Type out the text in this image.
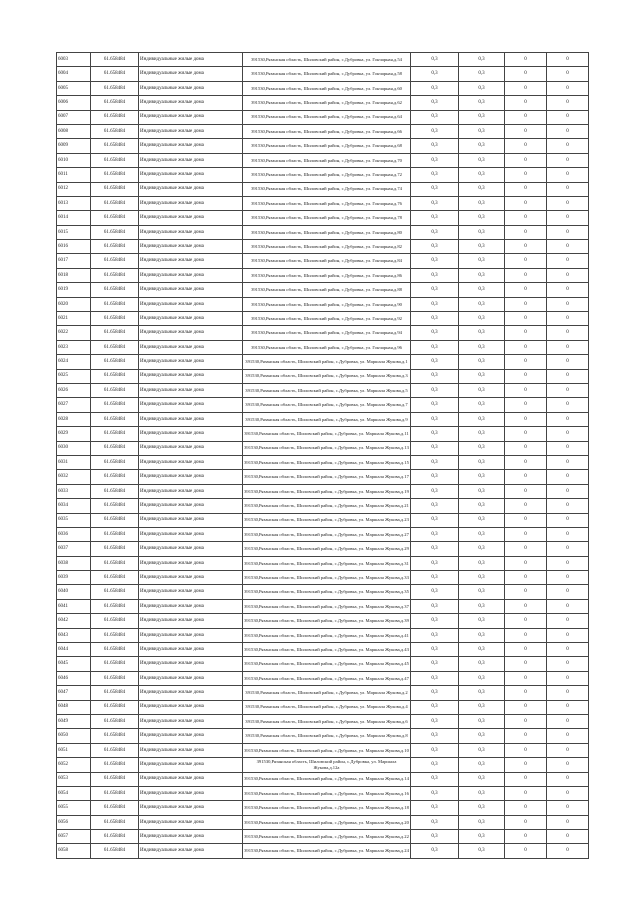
6003	61.658484	Индивидуальные жилые дома	391530,Рязанская область, Шиловский район, с.Дубровка, ул. Гончарная,д.54	0,3	0,3	0	0
6004	61.658484	Индивидуальные жилые дома	391530,Рязанская область, Шиловский район, с.Дубровка, ул. Гончарная,д.58	0,3	0,3	0	0
6005	61.658484	Индивидуальные жилые дома	391530,Рязанская область, Шиловский район, с.Дубровка, ул. Гончарная,д.60	0,3	0,3	0	0
6006	61.658484	Индивидуальные жилые дома	391530,Рязанская область, Шиловский район, с.Дубровка, ул. Гончарная,д.62	0,3	0,3	0	0
6007	61.658484	Индивидуальные жилые дома	391530,Рязанская область, Шиловский район, с.Дубровка, ул. Гончарная,д.64	0,3	0,3	0	0
6008	61.658484	Индивидуальные жилые дома	391530,Рязанская область, Шиловский район, с.Дубровка, ул. Гончарная,д.66	0,3	0,3	0	0
6009	61.658484	Индивидуальные жилые дома	391530,Рязанская область, Шиловский район, с.Дубровка, ул. Гончарная,д.68	0,3	0,3	0	0
6010	61.658484	Индивидуальные жилые дома	391530,Рязанская область, Шиловский район, с.Дубровка, ул. Гончарная,д.70	0,3	0,3	0	0
6011	61.658484	Индивидуальные жилые дома	391530,Рязанская область, Шиловский район, с.Дубровка, ул. Гончарная,д.72	0,3	0,3	0	0
6012	61.658484	Индивидуальные жилые дома	391530,Рязанская область, Шиловский район, с.Дубровка, ул. Гончарная,д.74	0,3	0,3	0	0
6013	61.658484	Индивидуальные жилые дома	391530,Рязанская область, Шиловский район, с.Дубровка, ул. Гончарная,д.76	0,3	0,3	0	0
6014	61.658484	Индивидуальные жилые дома	391530,Рязанская область, Шиловский район, с.Дубровка, ул. Гончарная,д.78	0,3	0,3	0	0
6015	61.658484	Индивидуальные жилые дома	391530,Рязанская область, Шиловский район, с.Дубровка, ул. Гончарная,д.80	0,3	0,3	0	0
6016	61.658484	Индивидуальные жилые дома	391530,Рязанская область, Шиловский район, с.Дубровка, ул. Гончарная,д.82	0,3	0,3	0	0
6017	61.658484	Индивидуальные жилые дома	391530,Рязанская область, Шиловский район, с.Дубровка, ул. Гончарная,д.84	0,3	0,3	0	0
6018	61.658484	Индивидуальные жилые дома	391530,Рязанская область, Шиловский район, с.Дубровка, ул. Гончарная,д.86	0,3	0,3	0	0
6019	61.658484	Индивидуальные жилые дома	391530,Рязанская область, Шиловский район, с.Дубровка, ул. Гончарная,д.88	0,3	0,3	0	0
6020	61.658484	Индивидуальные жилые дома	391530,Рязанская область, Шиловский район, с.Дубровка, ул. Гончарная,д.90	0,3	0,3	0	0
6021	61.658484	Индивидуальные жилые дома	391530,Рязанская область, Шиловский район, с.Дубровка, ул. Гончарная,д.92	0,3	0,3	0	0
6022	61.658484	Индивидуальные жилые дома	391530,Рязанская область, Шиловский район, с.Дубровка, ул. Гончарная,д.94	0,3	0,3	0	0
6023	61.658484	Индивидуальные жилые дома	391530,Рязанская область, Шиловский район, с.Дубровка, ул. Гончарная,д.96	0,3	0,3	0	0
6024	61.658484	Индивидуальные жилые дома	391530,Рязанская область, Шиловский район, с.Дубровка, ул. Маршала Жукова,д.1	0,3	0,3	0	0
6025	61.658484	Индивидуальные жилые дома	391530,Рязанская область, Шиловский район, с.Дубровка, ул. Маршала Жукова,д.3	0,3	0,3	0	0
6026	61.658484	Индивидуальные жилые дома	391530,Рязанская область, Шиловский район, с.Дубровка, ул. Маршала Жукова,д.5	0,3	0,3	0	0
6027	61.658484	Индивидуальные жилые дома	391530,Рязанская область, Шиловский район, с.Дубровка, ул. Маршала Жукова,д.7	0,3	0,3	0	0
6028	61.658484	Индивидуальные жилые дома	391530,Рязанская область, Шиловский район, с.Дубровка, ул. Маршала Жукова,д.9	0,3	0,3	0	0
6029	61.658484	Индивидуальные жилые дома	391530,Рязанская область, Шиловский район, с.Дубровка, ул. Маршала Жукова,д.11	0,3	0,3	0	0
6030	61.658484	Индивидуальные жилые дома	391530,Рязанская область, Шиловский район, с.Дубровка, ул. Маршала Жукова,д.13	0,3	0,3	0	0
6031	61.658484	Индивидуальные жилые дома	391530,Рязанская область, Шиловский район, с.Дубровка, ул. Маршала Жукова,д.15	0,3	0,3	0	0
6032	61.658484	Индивидуальные жилые дома	391530,Рязанская область, Шиловский район, с.Дубровка, ул. Маршала Жукова,д.17	0,3	0,3	0	0
6033	61.658484	Индивидуальные жилые дома	391530,Рязанская область, Шиловский район, с.Дубровка, ул. Маршала Жукова,д.19	0,3	0,3	0	0
6034	61.658484	Индивидуальные жилые дома	391530,Рязанская область, Шиловский район, с.Дубровка, ул. Маршала Жукова,д.21	0,3	0,3	0	0
6035	61.658484	Индивидуальные жилые дома	391530,Рязанская область, Шиловский район, с.Дубровка, ул. Маршала Жукова,д.23	0,3	0,3	0	0
6036	61.658484	Индивидуальные жилые дома	391530,Рязанская область, Шиловский район, с.Дубровка, ул. Маршала Жукова,д.27	0,3	0,3	0	0
6037	61.658484	Индивидуальные жилые дома	391530,Рязанская область, Шиловский район, с.Дубровка, ул. Маршала Жукова,д.29	0,3	0,3	0	0
6038	61.658484	Индивидуальные жилые дома	391530,Рязанская область, Шиловский район, с.Дубровка, ул. Маршала Жукова,д.31	0,3	0,3	0	0
6039	61.658484	Индивидуальные жилые дома	391530,Рязанская область, Шиловский район, с.Дубровка, ул. Маршала Жукова,д.33	0,3	0,3	0	0
6040	61.658484	Индивидуальные жилые дома	391530,Рязанская область, Шиловский район, с.Дубровка, ул. Маршала Жукова,д.35	0,3	0,3	0	0
6041	61.658484	Индивидуальные жилые дома	391530,Рязанская область, Шиловский район, с.Дубровка, ул. Маршала Жукова,д.37	0,3	0,3	0	0
6042	61.658484	Индивидуальные жилые дома	391530,Рязанская область, Шиловский район, с.Дубровка, ул. Маршала Жукова,д.39	0,3	0,3	0	0
6043	61.658484	Индивидуальные жилые дома	391530,Рязанская область, Шиловский район, с.Дубровка, ул. Маршала Жукова,д.41	0,3	0,3	0	0
6044	61.658484	Индивидуальные жилые дома	391530,Рязанская область, Шиловский район, с.Дубровка, ул. Маршала Жукова,д.43	0,3	0,3	0	0
6045	61.658484	Индивидуальные жилые дома	391530,Рязанская область, Шиловский район, с.Дубровка, ул. Маршала Жукова,д.45	0,3	0,3	0	0
6046	61.658484	Индивидуальные жилые дома	391530,Рязанская область, Шиловский район, с.Дубровка, ул. Маршала Жукова,д.47	0,3	0,3	0	0
6047	61.658484	Индивидуальные жилые дома	391530,Рязанская область, Шиловский район, с.Дубровка, ул. Маршала Жукова,д.2	0,3	0,3	0	0
6048	61.658484	Индивидуальные жилые дома	391530,Рязанская область, Шиловский район, с.Дубровка, ул. Маршала Жукова,д.4	0,3	0,3	0	0
6049	61.658484	Индивидуальные жилые дома	391530,Рязанская область, Шиловский район, с.Дубровка, ул. Маршала Жукова,д.6	0,3	0,3	0	0
6050	61.658484	Индивидуальные жилые дома	391530,Рязанская область, Шиловский район, с.Дубровка, ул. Маршала Жукова,д.8	0,3	0,3	0	0
6051	61.658484	Индивидуальные жилые дома	391530,Рязанская область, Шиловский район, с.Дубровка, ул. Маршала Жукова,д.10	0,3	0,3	0	0
6052	61.658484	Индивидуальные жилые дома	391530,Рязанская область, Шиловский район, с.Дубровка, ул. Маршала Жукова,д.12а	0,3	0,3	0	0
6053	61.658484	Индивидуальные жилые дома	391530,Рязанская область, Шиловский район, с.Дубровка, ул. Маршала Жукова,д.14	0,3	0,3	0	0
6054	61.658484	Индивидуальные жилые дома	391530,Рязанская область, Шиловский район, с.Дубровка, ул. Маршала Жукова,д.16	0,3	0,3	0	0
6055	61.658484	Индивидуальные жилые дома	391530,Рязанская область, Шиловский район, с.Дубровка, ул. Маршала Жукова,д.18	0,3	0,3	0	0
6056	61.658484	Индивидуальные жилые дома	391530,Рязанская область, Шиловский район, с.Дубровка, ул. Маршала Жукова,д.20	0,3	0,3	0	0
6057	61.658484	Индивидуальные жилые дома	391530,Рязанская область, Шиловский район, с.Дубровка, ул. Маршала Жукова,д.22	0,3	0,3	0	0
6058	61.658484	Индивидуальные жилые дома	391530,Рязанская область, Шиловский район, с.Дубровка, ул. Маршала Жукова,д.24	0,3	0,3	0	0
